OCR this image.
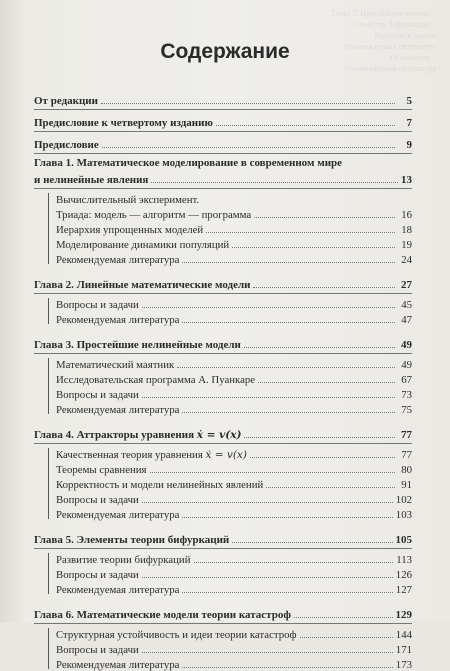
Глава 7. Простейшие модели...
Свойства бифуркаций...
Вопросы и задачи
Рекомендуемая литература
Оглавление...
Рекомендуемая литература
Содержание
От редакции	5
Предисловие к четвертому изданию	7
Предисловие	9
Глава 1. Математическое моделирование в современном мире
и нелинейные явления	13
Вычислительный эксперимент.
Триада: модель — алгоритм — программа	16
Иерархия упрощенных моделей	18
Моделирование динамики популяций	19
Рекомендуемая литература	24
Глава 2. Линейные математические модели	27
Вопросы и задачи	45
Рекомендуемая литература	47
Глава 3. Простейшие нелинейные модели	49
Математический маятник	49
Исследовательская программа А. Пуанкаре	67
Вопросы и задачи	73
Рекомендуемая литература	75
Глава 4. Аттракторы уравнения ẋ = v(x)	77
Качественная теория уравнения ẋ = v(x)	77
Теоремы сравнения	80
Корректность и модели нелинейных явлений	91
Вопросы и задачи	102
Рекомендуемая литература	103
Глава 5. Элементы теории бифуркаций	105
Развитие теории бифуркаций	113
Вопросы и задачи	126
Рекомендуемая литература	127
Глава 6. Математические модели теории катастроф	129
Структурная устойчивость и идеи теории катастроф	144
Вопросы и задачи	171
Рекомендуемая литература	173
